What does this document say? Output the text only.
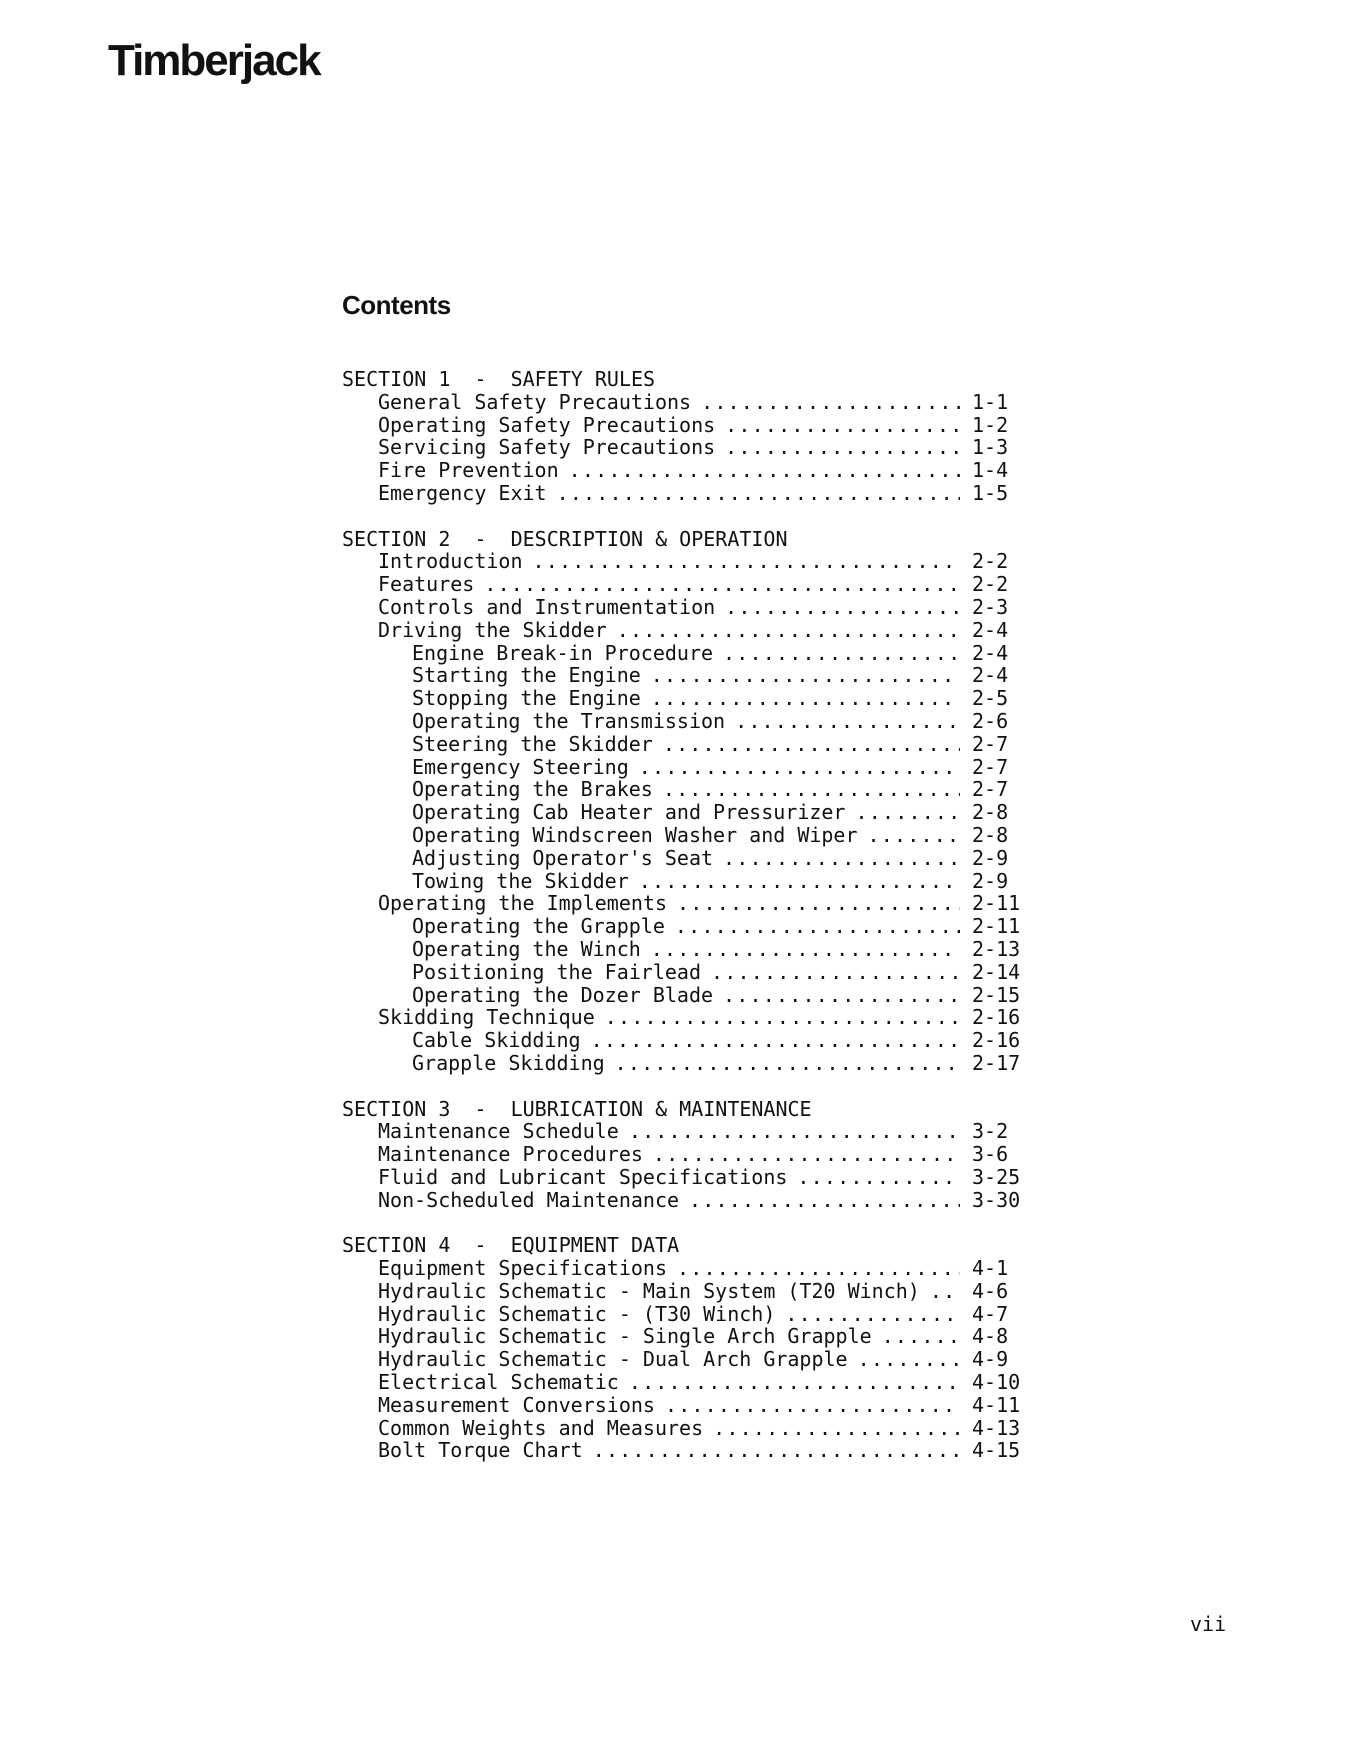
Timberjack
Contents
SECTION 1  -  SAFETY RULES
General Safety Precautions .....	1-1
Operating Safety Precautions .....	1-2
Servicing Safety Precautions .....	1-3
Fire Prevention .....	1-4
Emergency Exit .....	1-5
SECTION 2  -  DESCRIPTION & OPERATION
Introduction .....	2-2
Features .....	2-2
Controls and Instrumentation .....	2-3
Driving the Skidder .....	2-4
Engine Break-in Procedure .....	2-4
Starting the Engine .....	2-4
Stopping the Engine .....	2-5
Operating the Transmission .....	2-6
Steering the Skidder .....	2-7
Emergency Steering .....	2-7
Operating the Brakes .....	2-7
Operating Cab Heater and Pressurizer .....	2-8
Operating Windscreen Washer and Wiper .....	2-8
Adjusting Operator's Seat .....	2-9
Towing the Skidder .....	2-9
Operating the Implements .....	2-11
Operating the Grapple .....	2-11
Operating the Winch .....	2-13
Positioning the Fairlead .....	2-14
Operating the Dozer Blade .....	2-15
Skidding Technique .....	2-16
Cable Skidding .....	2-16
Grapple Skidding .....	2-17
SECTION 3  -  LUBRICATION & MAINTENANCE
Maintenance Schedule .....	3-2
Maintenance Procedures .....	3-6
Fluid and Lubricant Specifications .....	3-25
Non-Scheduled Maintenance .....	3-30
SECTION 4  -  EQUIPMENT DATA
Equipment Specifications .....	4-1
Hydraulic Schematic - Main System (T20 Winch) .....	4-6
Hydraulic Schematic - (T30 Winch) .....	4-7
Hydraulic Schematic - Single Arch Grapple .....	4-8
Hydraulic Schematic - Dual Arch Grapple .....	4-9
Electrical Schematic .....	4-10
Measurement Conversions .....	4-11
Common Weights and Measures .....	4-13
Bolt Torque Chart .....	4-15
vii
